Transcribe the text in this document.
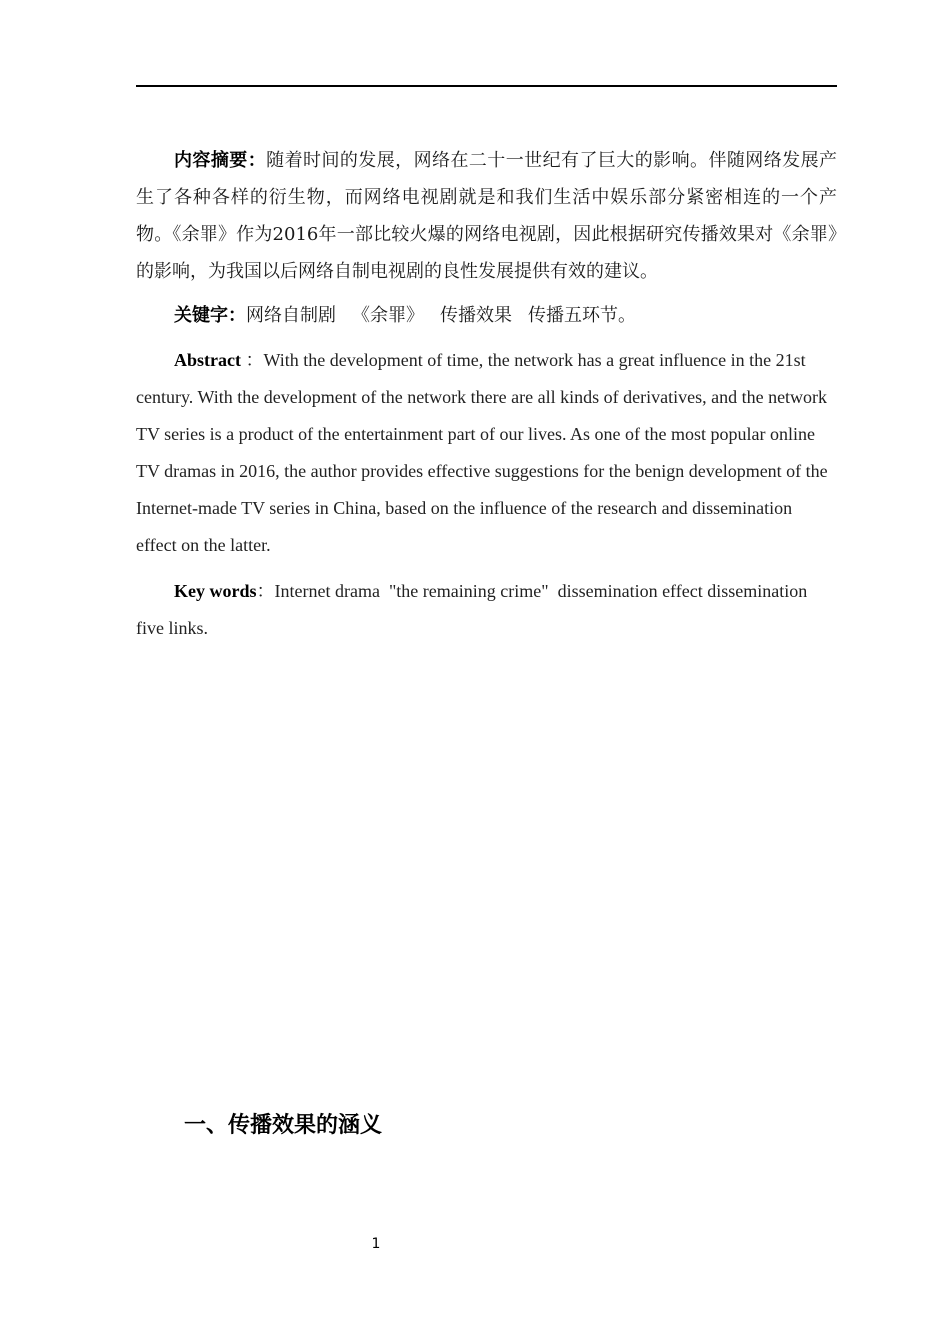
内容摘要：随着时间的发展，网络在二十一世纪有了巨大的影响。伴随网络发展产生了各种各样的衍生物，而网络电视剧就是和我们生活中娱乐部分紧密相连的一个产物。《余罪》作为2016年一部比较火爆的网络电视剧，因此根据研究传播效果对《余罪》的影响，为我国以后网络自制电视剧的良性发展提供有效的建议。

关键字：网络自制剧 《余罪》 传播效果 传播五环节。

Abstract ：With the development of time, the network has a great influence in the 21st century. With the development of the network there are all kinds of derivatives, and the network TV series is a product of the entertainment part of our lives. As one of the most popular online TV dramas in 2016, the author provides effective suggestions for the benign development of the Internet-made TV series in China, based on the influence of the research and dissemination effect on the latter.

Key words：Internet drama  "the remaining crime"  dissemination effect dissemination five links.

一、传播效果的涵义
1
